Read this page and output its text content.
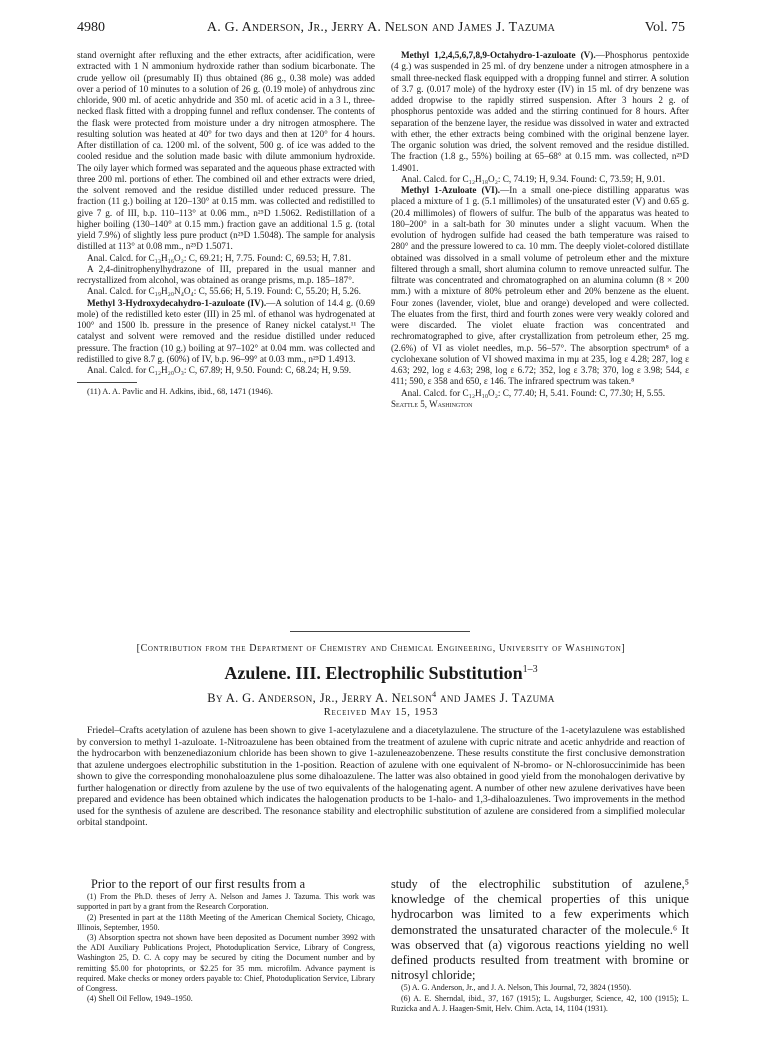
4980	A. G. Anderson, Jr., Jerry A. Nelson and James J. Tazuma	Vol. 75

stand overnight after refluxing and the ether extracts, after acidification, were extracted with 1 N ammonium hydroxide rather than sodium bicarbonate. The crude yellow oil (presumably II) thus obtained (86 g., 0.38 mole) was added over a period of 10 minutes to a solution of 26 g. (0.19 mole) of anhydrous zinc chloride, 900 ml. of acetic anhydride and 350 ml. of acetic acid in a 3 l., three-necked flask fitted with a dropping funnel and reflux condenser. The contents of the flask were protected from moisture under a dry nitrogen atmosphere. The resulting solution was heated at 40° for two days and then at 120° for 4 hours. After distillation of ca. 1200 ml. of the solvent, 500 g. of ice was added to the cooled residue and the solution made basic with dilute ammonium hydroxide. The oily layer which formed was separated and the aqueous phase extracted with three 200 ml. portions of ether. The combined oil and ether extracts were dried, the solvent removed and the residue distilled under reduced pressure. The fraction (11 g.) boiling at 120–130° at 0.15 mm. was collected and redistilled to give 7 g. of III, b.p. 110–113° at 0.06 mm., n²⁵D 1.5062. Redistillation of a higher boiling (130–140° at 0.15 mm.) fraction gave an additional 1.5 g. (total yield 7.9%) of slightly less pure product (n²⁵D 1.5048). The sample for analysis distilled at 113° at 0.08 mm., n²⁵D 1.5071.

Anal. Calcd. for C₁₃H₁₆O₂: C, 69.21; H, 7.75. Found: C, 69.53; H, 7.81.

A 2,4-dinitrophenylhydrazone of III, prepared in the usual manner and recrystallized from alcohol, was obtained as orange prisms, m.p. 185–187°.

Anal. Calcd. for C₁₉H₂₀N₄O₄: C, 55.66; H, 5.19. Found: C, 55.20; H, 5.26.

Methyl 3-Hydroxydecahydro-1-azuloate (IV).—A solution of 14.4 g. (0.69 mole) of the redistilled keto ester (III) in 25 ml. of ethanol was hydrogenated at 100° and 1500 lb. pressure in the presence of Raney nickel catalyst.¹¹ The catalyst and solvent were removed and the residue distilled under reduced pressure. The fraction (10 g.) boiling at 97–102° at 0.04 mm. was collected and redistilled to give 8.7 g. (60%) of IV, b.p. 96–99° at 0.03 mm., n²⁵D 1.4913.

Anal. Calcd. for C₁₂H₂₀O₃: C, 67.89; H, 9.50. Found: C, 68.24; H, 9.59.

(11) A. A. Pavlic and H. Adkins, ibid., 68, 1471 (1946).

Methyl 1,2,4,5,6,7,8,9-Octahydro-1-azuloate (V).—Phosphorus pentoxide (4 g.) was suspended in 25 ml. of dry benzene under a nitrogen atmosphere in a small three-necked flask equipped with a dropping funnel and stirrer. A solution of 3.7 g. (0.017 mole) of the hydroxy ester (IV) in 15 ml. of dry benzene was added dropwise to the rapidly stirred suspension. After 3 hours 2 g. of phosphorus pentoxide was added and the stirring continued for 8 hours. After separation of the benzene layer, the residue was dissolved in water and extracted with ether, the ether extracts being combined with the original benzene layer. The organic solution was dried, the solvent removed and the residue distilled. The fraction (1.8 g., 55%) boiling at 65–68° at 0.15 mm. was collected, n²⁵D 1.4901.

Anal. Calcd. for C₁₂H₁₈O₂: C, 74.19; H, 9.34. Found: C, 73.59; H, 9.01.

Methyl 1-Azuloate (VI).—In a small one-piece distilling apparatus was placed a mixture of 1 g. (5.1 millimoles) of the unsaturated ester (V) and 0.65 g. (20.4 millimoles) of flowers of sulfur. The bulb of the apparatus was heated to 180–200° in a salt-bath for 30 minutes under a slight vacuum. When the evolution of hydrogen sulfide had ceased the bath temperature was raised to 280° and the pressure lowered to ca. 10 mm. The deeply violet-colored distillate obtained was dissolved in a small volume of petroleum ether and the mixture filtered through a small, short alumina column to remove unreacted sulfur. The filtrate was concentrated and chromatographed on an alumina column (8 × 200 mm.) with a mixture of 80% petroleum ether and 20% benzene as the eluent. Four zones (lavender, violet, blue and orange) developed and were collected. The eluates from the first, third and fourth zones were very weakly colored and were discarded. The violet eluate fraction was concentrated and rechromatographed to give, after crystallization from petroleum ether, 25 mg. (2.6%) of VI as violet needles, m.p. 56–57°. The absorption spectrum⁸ of a cyclohexane solution of VI showed maxima in mμ at 235, log ε 4.28; 287, log ε 4.63; 292, log ε 4.63; 298, log ε 6.72; 352, log ε 3.78; 370, log ε 3.98; 544, ε 411; 590, ε 358 and 650, ε 146. The infrared spectrum was taken.⁸

Anal. Calcd. for C₁₂H₁₀O₂: C, 77.40; H, 5.41. Found: C, 77.30; H, 5.55.

Seattle 5, Washington

[Contribution from the Department of Chemistry and Chemical Engineering, University of Washington]
Azulene. III. Electrophilic Substitution$^{1-3}$
By A. G. Anderson, Jr., Jerry A. Nelson$^4$ and James J. Tazuma
Received May 15, 1953
Friedel–Crafts acetylation of azulene has been shown to give 1-acetylazulene and a diacetylazulene. The structure of the 1-acetylazulene was established by conversion to methyl 1-azuloate. 1-Nitroazulene has been obtained from the treatment of azulene with cupric nitrate and acetic anhydride and reaction of the hydrocarbon with benzenediazonium chloride has been shown to give 1-azuleneazobenzene. These results constitute the first conclusive demonstration that azulene undergoes electrophilic substitution in the 1-position. Reaction of azulene with one equivalent of N-bromo- or N-chlorosuccinimide has been shown to give the corresponding monohaloazulene plus some dihaloazulene. The latter was also obtained in good yield from the monohalogen derivative by further halogenation or directly from azulene by the use of two equivalents of the halogenating agent. A number of other new azulene derivatives have been prepared and evidence has been obtained which indicates the halogenation products to be 1-halo- and 1,3-dihaloazulenes. Two improvements in the method used for the synthesis of azulene are described. The resonance stability and electrophilic substitution of azulene are considered from a simplified molecular orbital standpoint.

Prior to the report of our first results from a

(1) From the Ph.D. theses of Jerry A. Nelson and James J. Tazuma. This work was supported in part by a grant from the Research Corporation.

(2) Presented in part at the 118th Meeting of the American Chemical Society, Chicago, Illinois, September, 1950.

(3) Absorption spectra not shown have been deposited as Document number 3992 with the ADI Auxiliary Publications Project, Photoduplication Service, Library of Congress, Washington 25, D. C. A copy may be secured by citing the Document number and by remitting $5.00 for photoprints, or $2.25 for 35 mm. microfilm. Advance payment is required. Make checks or money orders payable to: Chief, Photoduplication Service, Library of Congress.

(4) Shell Oil Fellow, 1949–1950.

study of the electrophilic substitution of azulene,⁵ knowledge of the chemical properties of this unique hydrocarbon was limited to a few experiments which demonstrated the unsaturated character of the molecule.⁶ It was observed that (a) vigorous reactions yielding no well defined products resulted from treatment with bromine or nitrosyl chloride;

(5) A. G. Anderson, Jr., and J. A. Nelson, This Journal, 72, 3824 (1950).

(6) A. E. Sherndal, ibid., 37, 167 (1915); L. Augsburger, Science, 42, 100 (1915); L. Ruzicka and A. J. Haagen-Smit, Helv. Chim. Acta, 14, 1104 (1931).
